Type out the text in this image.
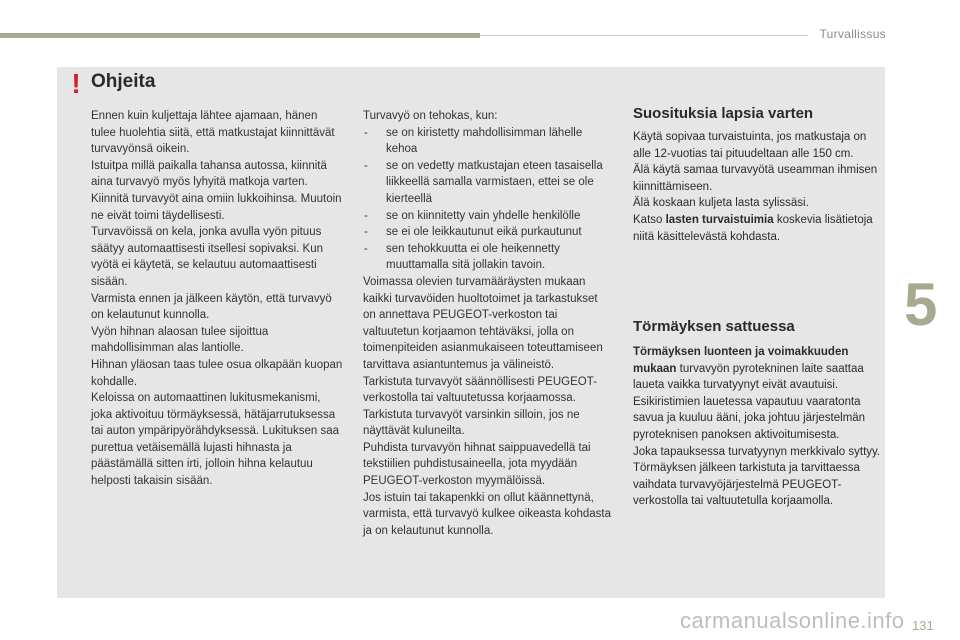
Turvallissus
5
! Ohjeita

Ennen kuin kuljettaja lähtee ajamaan, hänen tulee huolehtia siitä, että matkustajat kiinnittävät turvavyönsä oikein.

Istuitpa millä paikalla tahansa autossa, kiinnitä aina turvavyö myös lyhyitä matkoja varten.

Kiinnitä turvavyöt aina omiin lukkoihinsa. Muutoin ne eivät toimi täydellisesti.

Turvavöissä on kela, jonka avulla vyön pituus säätyy automaattisesti itsellesi sopivaksi. Kun vyötä ei käytetä, se kelautuu automaattisesti sisään.

Varmista ennen ja jälkeen käytön, että turvavyö on kelautunut kunnolla.

Vyön hihnan alaosan tulee sijoittua mahdollisimman alas lantiolle.

Hihnan yläosan taas tulee osua olkapään kuopan kohdalle.

Keloissa on automaattinen lukitusmekanismi, joka aktivoituu törmäyksessä, hätäjarrutuksessa tai auton ympäripyörähdyksessä. Lukituksen saa purettua vetäisemällä lujasti hihnasta ja päästämällä sitten irti, jolloin hihna kelautuu helposti takaisin sisään.

Turvavyö on tehokas, kun:

- se on kiristetty mahdollisimman lähelle kehoa
- se on vedetty matkustajan eteen tasaisella liikkeellä samalla varmistaen, ettei se ole kierteellä
- se on kiinnitetty vain yhdelle henkilölle
- se ei ole leikkautunut eikä purkautunut
- sen tehokkuutta ei ole heikennetty muuttamalla sitä jollakin tavoin.

Voimassa olevien turvamääräysten mukaan kaikki turvavöiden huoltotoimet ja tarkastukset on annettava PEUGEOT-verkoston tai valtuutetun korjaamon tehtäväksi, jolla on toimenpiteiden asianmukaiseen toteuttamiseen tarvittava asiantuntemus ja välineistö.

Tarkistuta turvavyöt säännöllisesti PEUGEOT-verkostolla tai valtuutetussa korjaamossa. Tarkistuta turvavyöt varsinkin silloin, jos ne näyttävät kuluneilta.

Puhdista turvavyön hihnat saippuavedellä tai tekstiilien puhdistusaineella, jota myydään PEUGEOT-verkoston myymälöissä.

Jos istuin tai takapenkki on ollut käännettynä, varmista, että turvavyö kulkee oikeasta kohdasta ja on kelautunut kunnolla.

Suosituksia lapsia varten

Käytä sopivaa turvaistuinta, jos matkustaja on alle 12-vuotias tai pituudeltaan alle 150 cm.

Älä käytä samaa turvavyötä useamman ihmisen kiinnittämiseen.

Älä koskaan kuljeta lasta sylissäsi.

Katso lasten turvaistuimia koskevia lisätietoja niitä käsittelevästä kohdasta.

Törmäyksen sattuessa

Törmäyksen luonteen ja voimakkuuden mukaan turvavyön pyrotekninen laite saattaa laueta vaikka turvatyynyt eivät avautuisi. Esikiristimien lauetessa vapautuu vaaratonta savua ja kuuluu ääni, joka johtuu järjestelmän pyroteknisen panoksen aktivoitumisesta.

Joka tapauksessa turvatyynyn merkkivalo syttyy.

Törmäyksen jälkeen tarkistuta ja tarvittaessa vaihdata turvavyöjärjestelmä PEUGEOT-verkostolla tai valtuutetulla korjaamolla.

carmanualsonline.info 131
